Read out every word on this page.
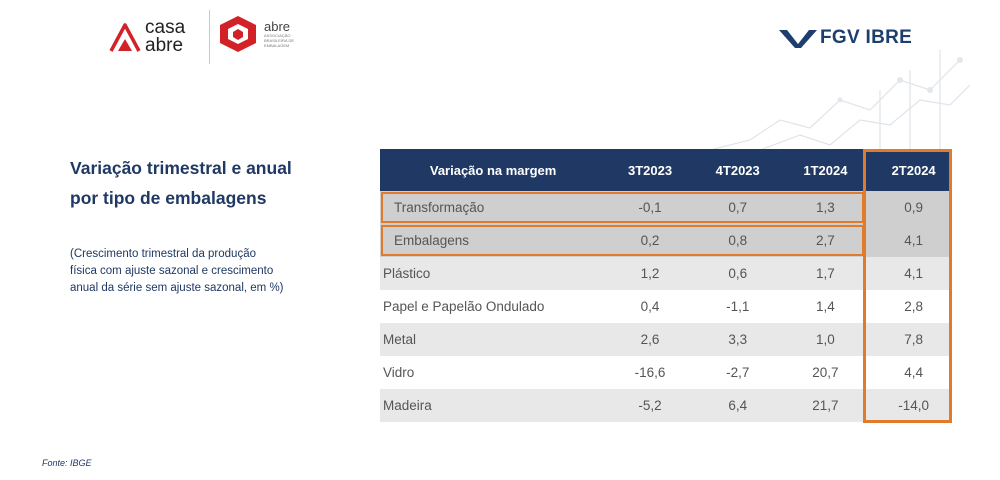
casa
abre
abre
ASSOCIAÇÃO BRASILEIRA DE EMBALAGEM	FGV IBRE
Variação trimestral e anual por tipo de embalagens
(Crescimento trimestral da produção física com ajuste sazonal e crescimento anual da série sem ajuste sazonal, em %)
Fonte: IBGE
Variação na margem	3T2023	4T2023	1T2024	2T2024
Transformação	-0,1	0,7	1,3	0,9
Embalagens	0,2	0,8	2,7	4,1
Plástico	1,2	0,6	1,7	4,1
Papel e Papelão Ondulado	0,4	-1,1	1,4	2,8
Metal	2,6	3,3	1,0	7,8
Vidro	-16,6	-2,7	20,7	4,4
Madeira	-5,2	6,4	21,7	-14,0
